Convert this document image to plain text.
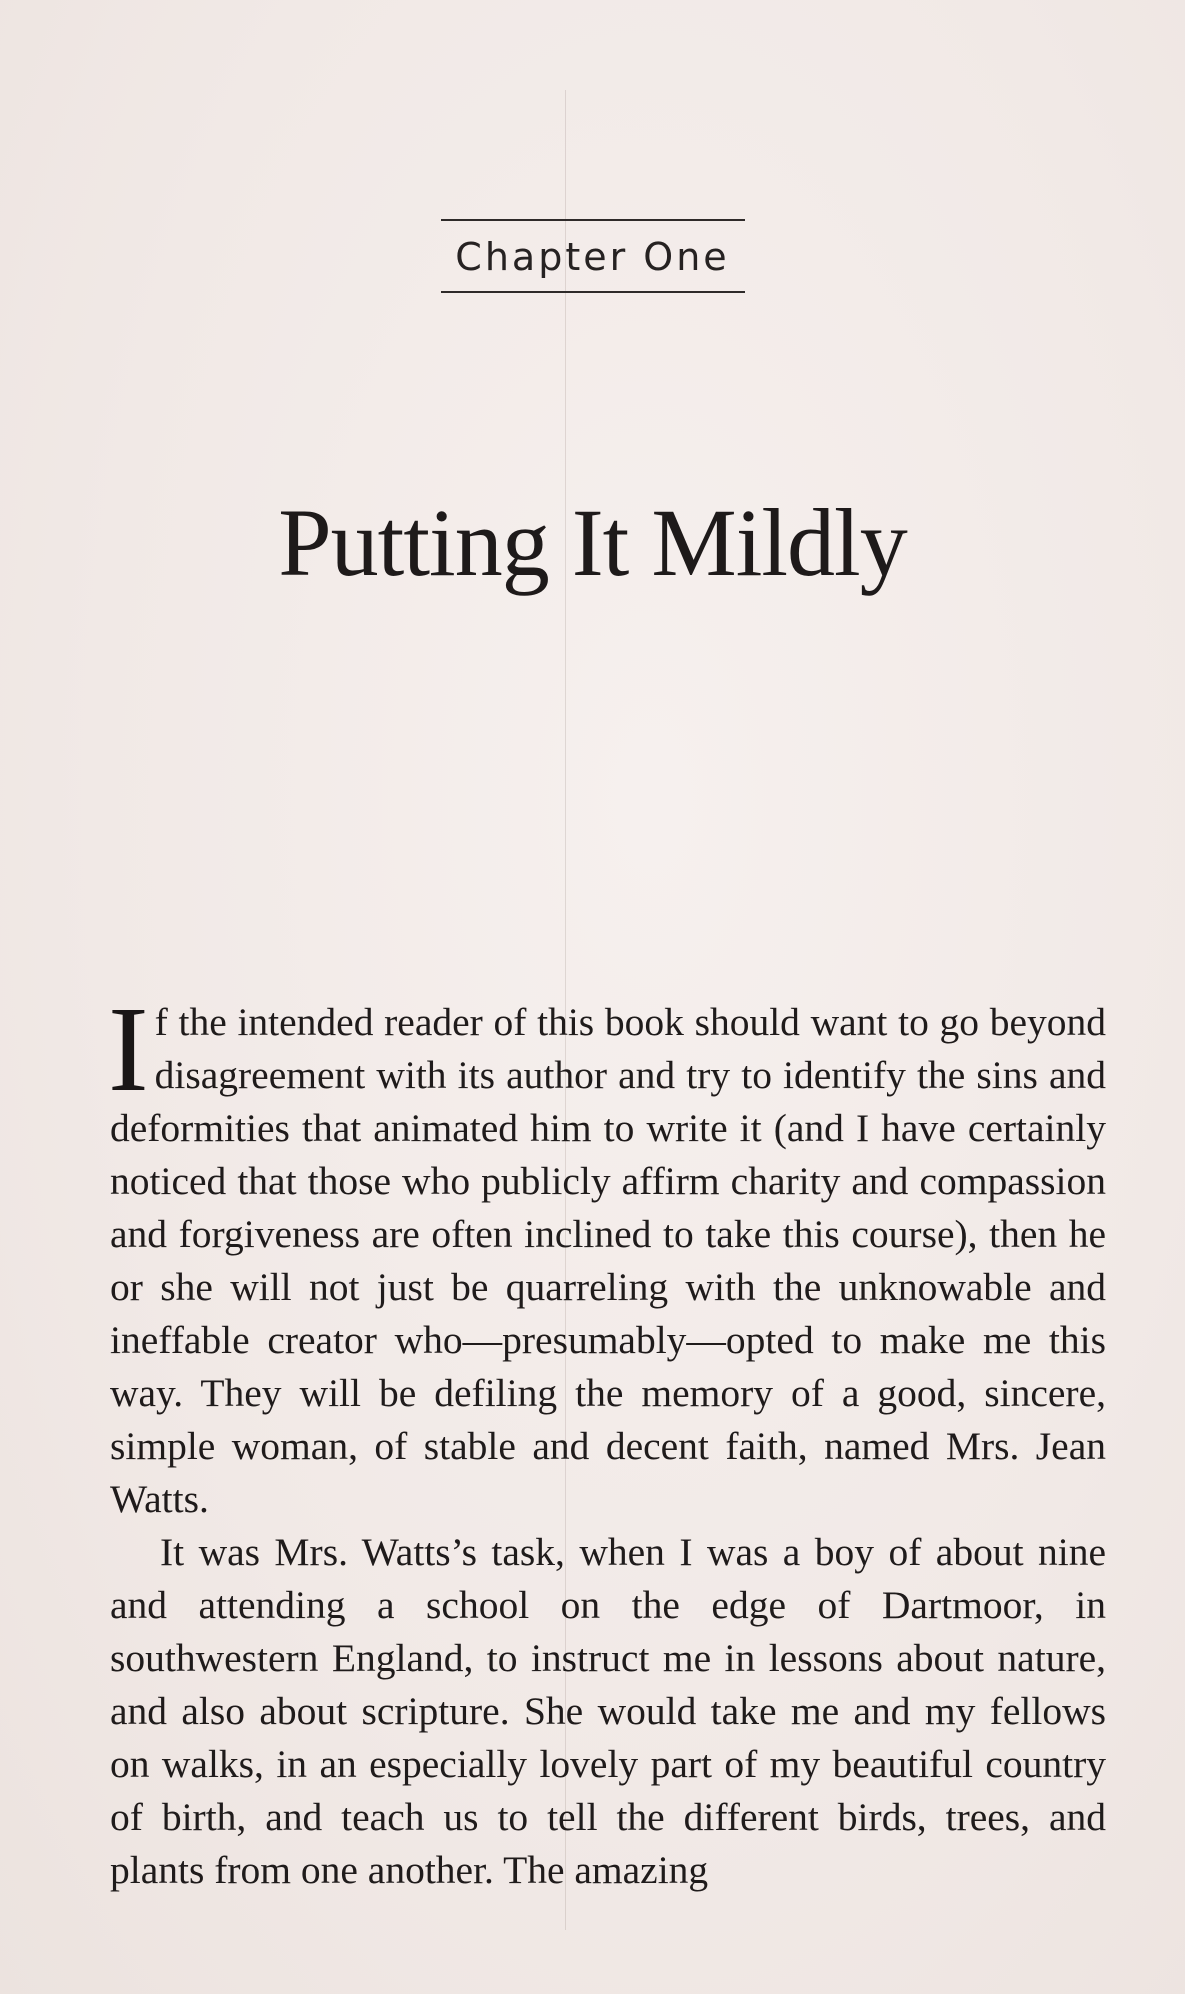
Chapter One
Putting It Mildly

If the intended reader of this book should want to go beyond disagreement with its author and try to identify the sins and deformities that animated him to write it (and I have certainly noticed that those who publicly affirm charity and compassion and forgiveness are often inclined to take this course), then he or she will not just be quarreling with the unknowable and ineffable creator who—presumably—opted to make me this way. They will be defiling the memory of a good, sincere, simple woman, of stable and decent faith, named Mrs. Jean Watts.

It was Mrs. Watts’s task, when I was a boy of about nine and attending a school on the edge of Dartmoor, in southwestern England, to instruct me in lessons about nature, and also about scripture. She would take me and my fellows on walks, in an especially lovely part of my beautiful country of birth, and teach us to tell the different birds, trees, and plants from one another. The amazing
